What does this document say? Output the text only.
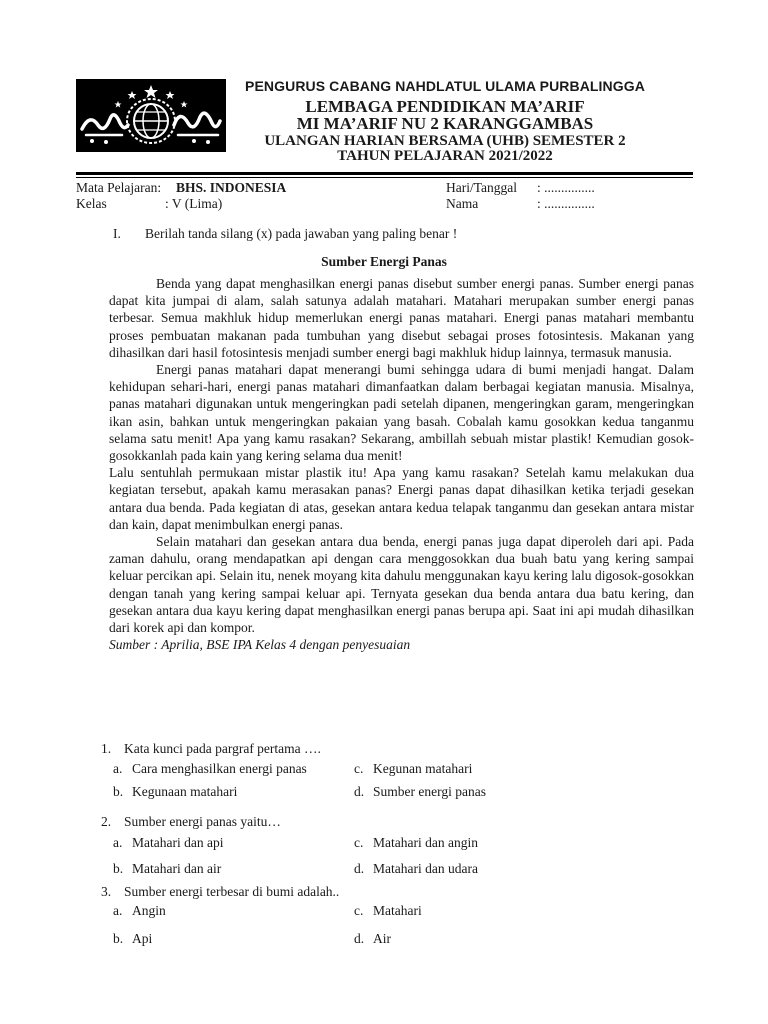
PENGURUS CABANG NAHDLATUL ULAMA PURBALINGGA
LEMBAGA PENDIDIKAN MA’ARIF
MI MA’ARIF NU 2 KARANGGAMBAS
ULANGAN HARIAN BERSAMA (UHB) SEMESTER 2
TAHUN PELAJARAN 2021/2022
Mata Pelajaran: BHS. INDONESIA
Kelas	: V (Lima)
Hari/Tanggal : ...............
Nama	: ...............
I. Berilah tanda silang (x) pada jawaban yang paling benar !
Sumber Energi Panas

Benda yang dapat menghasilkan energi panas disebut sumber energi panas. Sumber energi panas dapat kita jumpai di alam, salah satunya adalah matahari. Matahari merupakan sumber energi panas terbesar. Semua makhluk hidup memerlukan energi panas matahari. Energi panas matahari membantu proses pembuatan makanan pada tumbuhan yang disebut sebagai proses fotosintesis. Makanan yang dihasilkan dari hasil fotosintesis menjadi sumber energi bagi makhluk hidup lainnya, termasuk manusia.

Energi panas matahari dapat menerangi bumi sehingga udara di bumi menjadi hangat. Dalam kehidupan sehari-hari, energi panas matahari dimanfaatkan dalam berbagai kegiatan manusia. Misalnya, panas matahari digunakan untuk mengeringkan padi setelah dipanen, mengeringkan garam, mengeringkan ikan asin, bahkan untuk mengeringkan pakaian yang basah. Cobalah kamu gosokkan kedua tanganmu selama satu menit! Apa yang kamu rasakan? Sekarang, ambillah sebuah mistar plastik! Kemudian gosok-gosokkanlah pada kain yang kering selama dua menit!

Lalu sentuhlah permukaan mistar plastik itu! Apa yang kamu rasakan? Setelah kamu melakukan dua kegiatan tersebut, apakah kamu merasakan panas? Energi panas dapat dihasilkan ketika terjadi gesekan antara dua benda. Pada kegiatan di atas, gesekan antara kedua telapak tanganmu dan gesekan antara mistar dan kain, dapat menimbulkan energi panas.

Selain matahari dan gesekan antara dua benda, energi panas juga dapat diperoleh dari api. Pada zaman dahulu, orang mendapatkan api dengan cara menggosokkan dua buah batu yang kering sampai keluar percikan api. Selain itu, nenek moyang kita dahulu menggunakan kayu kering lalu digosok-gosokkan dengan tanah yang kering sampai keluar api. Ternyata gesekan dua benda antara dua batu kering, dan gesekan antara dua kayu kering dapat menghasilkan energi panas berupa api. Saat ini api mudah dihasilkan dari korek api dan kompor.

Sumber : Aprilia, BSE IPA Kelas 4 dengan penyesuaian

1. Kata kunci pada pargraf pertama ….
a. Cara menghasilkan energi panas
b. Kegunaan matahari
c. Kegunan matahari
d. Sumber energi panas
2. Sumber energi panas yaitu…
a. Matahari dan api
b. Matahari dan air
c. Matahari dan angin
d. Matahari dan udara
3. Sumber energi terbesar di bumi adalah..
a. Angin
b. Api
c. Matahari
d. Air
